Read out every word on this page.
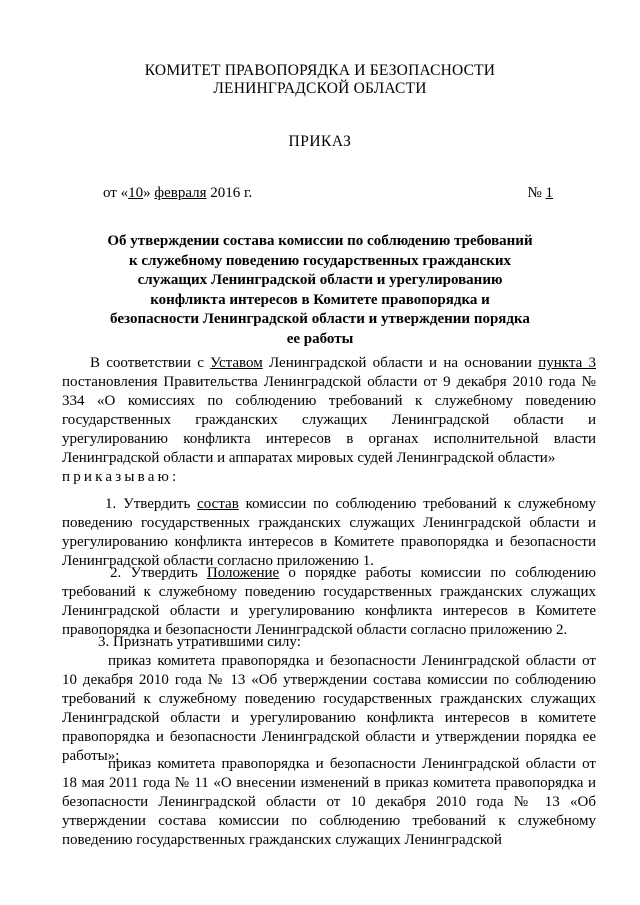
КОМИТЕТ ПРАВОПОРЯДКА И БЕЗОПАСНОСТИ
ЛЕНИНГРАДСКОЙ ОБЛАСТИ
ПРИКАЗ
от «10» февраля 2016 г.	№ 1
Об утверждении состава комиссии по соблюдению требований к служебному поведению государственных гражданских служащих Ленинградской области и урегулированию конфликта интересов в Комитете правопорядка и безопасности Ленинградской области и утверждении порядка ее работы
В соответствии с Уставом Ленинградской области и на основании пункта 3 постановления Правительства Ленинградской области от 9 декабря 2010 года № 334 «О комиссиях по соблюдению требований к служебному поведению государственных гражданских служащих Ленинградской области и урегулированию конфликта интересов в органах исполнительной власти Ленинградской области и аппаратах мировых судей Ленинградской области»
приказываю:
1. Утвердить состав комиссии по соблюдению требований к служебному поведению государственных гражданских служащих Ленинградской области и урегулированию конфликта интересов в Комитете правопорядка и безопасности Ленинградской области согласно приложению 1.
2. Утвердить Положение о порядке работы комиссии по соблюдению требований к служебному поведению государственных гражданских служащих Ленинградской области и урегулированию конфликта интересов в Комитете правопорядка и безопасности Ленинградской области согласно приложению 2.
3. Признать утратившими силу:
приказ комитета правопорядка и безопасности Ленинградской области от 10 декабря 2010 года № 13 «Об утверждении состава комиссии по соблюдению требований к служебному поведению государственных гражданских служащих Ленинградской области и урегулированию конфликта интересов в комитете правопорядка и безопасности Ленинградской области и утверждении порядка ее работы»;
приказ комитета правопорядка и безопасности Ленинградской области от 18 мая 2011 года № 11 «О внесении изменений в приказ комитета правопорядка и безопасности Ленинградской области от 10 декабря 2010 года № 13 «Об утверждении состава комиссии по соблюдению требований к служебному поведению государственных гражданских служащих Ленинградской
